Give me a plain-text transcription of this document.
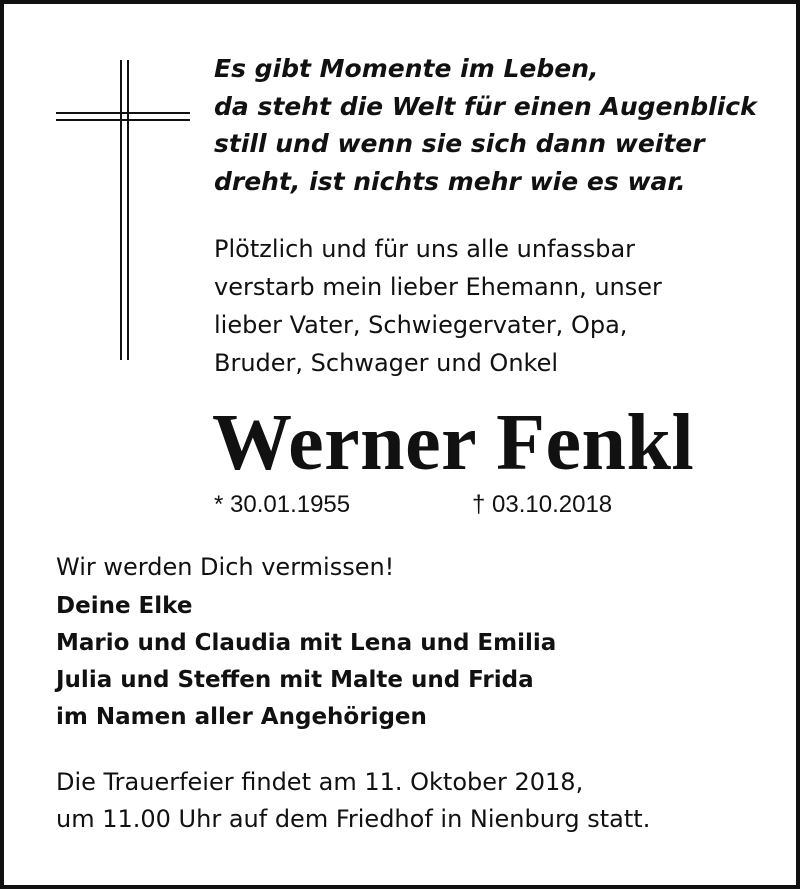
Es gibt Momente im Leben,
da steht die Welt für einen Augenblick
still und wenn sie sich dann weiter
dreht, ist nichts mehr wie es war.
Plötzlich und für uns alle unfassbar
verstarb mein lieber Ehemann, unser
lieber Vater, Schwiegervater, Opa,
Bruder, Schwager und Onkel
Werner Fenkl
* 30.01.1955	† 03.10.2018
Wir werden Dich vermissen!
Deine Elke
Mario und Claudia mit Lena und Emilia
Julia und Steffen mit Malte und Frida
im Namen aller Angehörigen
Die Trauerfeier findet am 11. Oktober 2018,
um 11.00 Uhr auf dem Friedhof in Nienburg statt.
